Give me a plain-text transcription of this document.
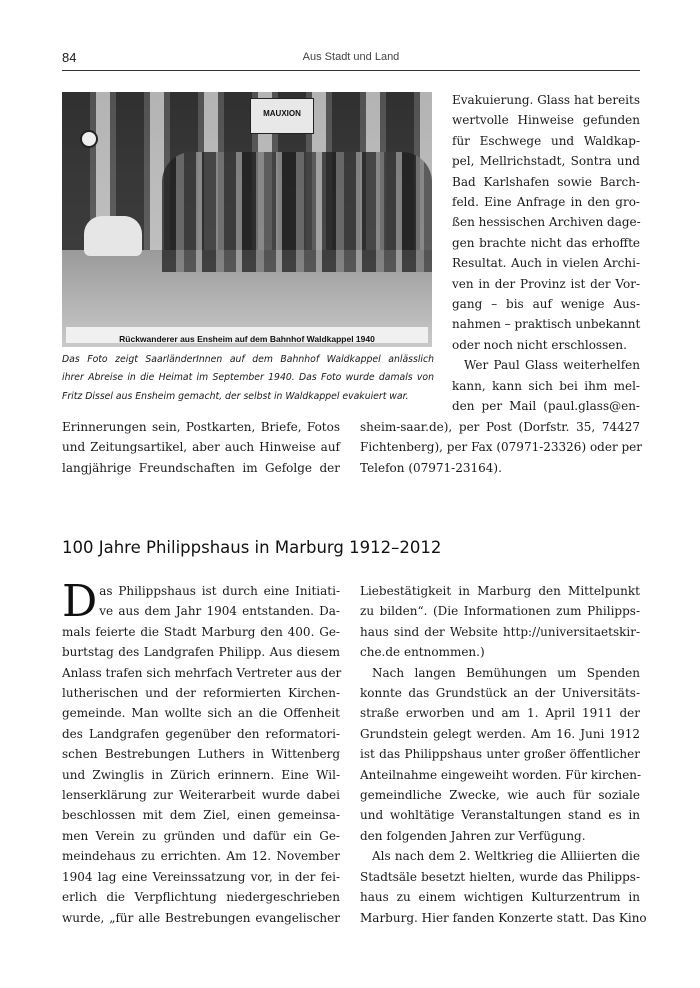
84	Aus Stadt und Land
MAUXION
Rückwanderer aus Ensheim auf dem Bahnhof Waldkappel 1940
Das Foto zeigt SaarländerInnen auf dem Bahnhof Waldkappel anlässlich
ihrer Abreise in die Heimat im September 1940. Das Foto wurde damals von
Fritz Dissel aus Ensheim gemacht, der selbst in Waldkappel evakuiert war.
Evakuierung. Glass hat bereits
wertvolle Hinweise gefunden
für Eschwege und Waldkap-
pel, Mellrichstadt, Sontra und
Bad Karlshafen sowie Barch-
feld. Eine Anfrage in den gro-
ßen hessischen Archiven dage-
gen brachte nicht das erhoffte
Resultat. Auch in vielen Archi-
ven in der Provinz ist der Vor-
gang – bis auf wenige Aus-
nahmen – praktisch unbekannt
oder noch nicht erschlossen.
Wer Paul Glass weiterhelfen
kann, kann sich bei ihm mel-
den per Mail (paul.glass@en-
Erinnerungen sein, Postkarten, Briefe, Fotos
und Zeitungsartikel, aber auch Hinweise auf
langjährige Freundschaften im Gefolge der
sheim-saar.de), per Post (Dorfstr. 35, 74427
Fichtenberg), per Fax (07971-23326) oder per
Telefon (07971-23164).
100 Jahre Philippshaus in Marburg 1912–2012
D as Philippshaus ist durch eine Initiati-
ve aus dem Jahr 1904 entstanden. Da-
mals feierte die Stadt Marburg den 400. Ge-
burtstag des Landgrafen Philipp. Aus diesem
Anlass trafen sich mehrfach Vertreter aus der
lutherischen und der reformierten Kirchen-
gemeinde. Man wollte sich an die Offenheit
des Landgrafen gegenüber den reformatori-
schen Bestrebungen Luthers in Wittenberg
und Zwinglis in Zürich erinnern. Eine Wil-
lenserklärung zur Weiterarbeit wurde dabei
beschlossen mit dem Ziel, einen gemeinsa-
men Verein zu gründen und dafür ein Ge-
meindehaus zu errichten. Am 12. November
1904 lag eine Vereinssatzung vor, in der fei-
erlich die Verpflichtung niedergeschrieben
wurde, „für alle Bestrebungen evangelischer
Liebestätigkeit in Marburg den Mittelpunkt
zu bilden“. (Die Informationen zum Philipps-
haus sind der Website http://universitaetskir-
che.de entnommen.)
Nach langen Bemühungen um Spenden
konnte das Grundstück an der Universitäts-
straße erworben und am 1. April 1911 der
Grundstein gelegt werden. Am 16. Juni 1912
ist das Philippshaus unter großer öffentlicher
Anteilnahme eingeweiht worden. Für kirchen-
gemeindliche Zwecke, wie auch für soziale
und wohltätige Veranstaltungen stand es in
den folgenden Jahren zur Verfügung.
Als nach dem 2. Weltkrieg die Alliierten die
Stadtsäle besetzt hielten, wurde das Philipps-
haus zu einem wichtigen Kulturzentrum in
Marburg. Hier fanden Konzerte statt. Das Kino
